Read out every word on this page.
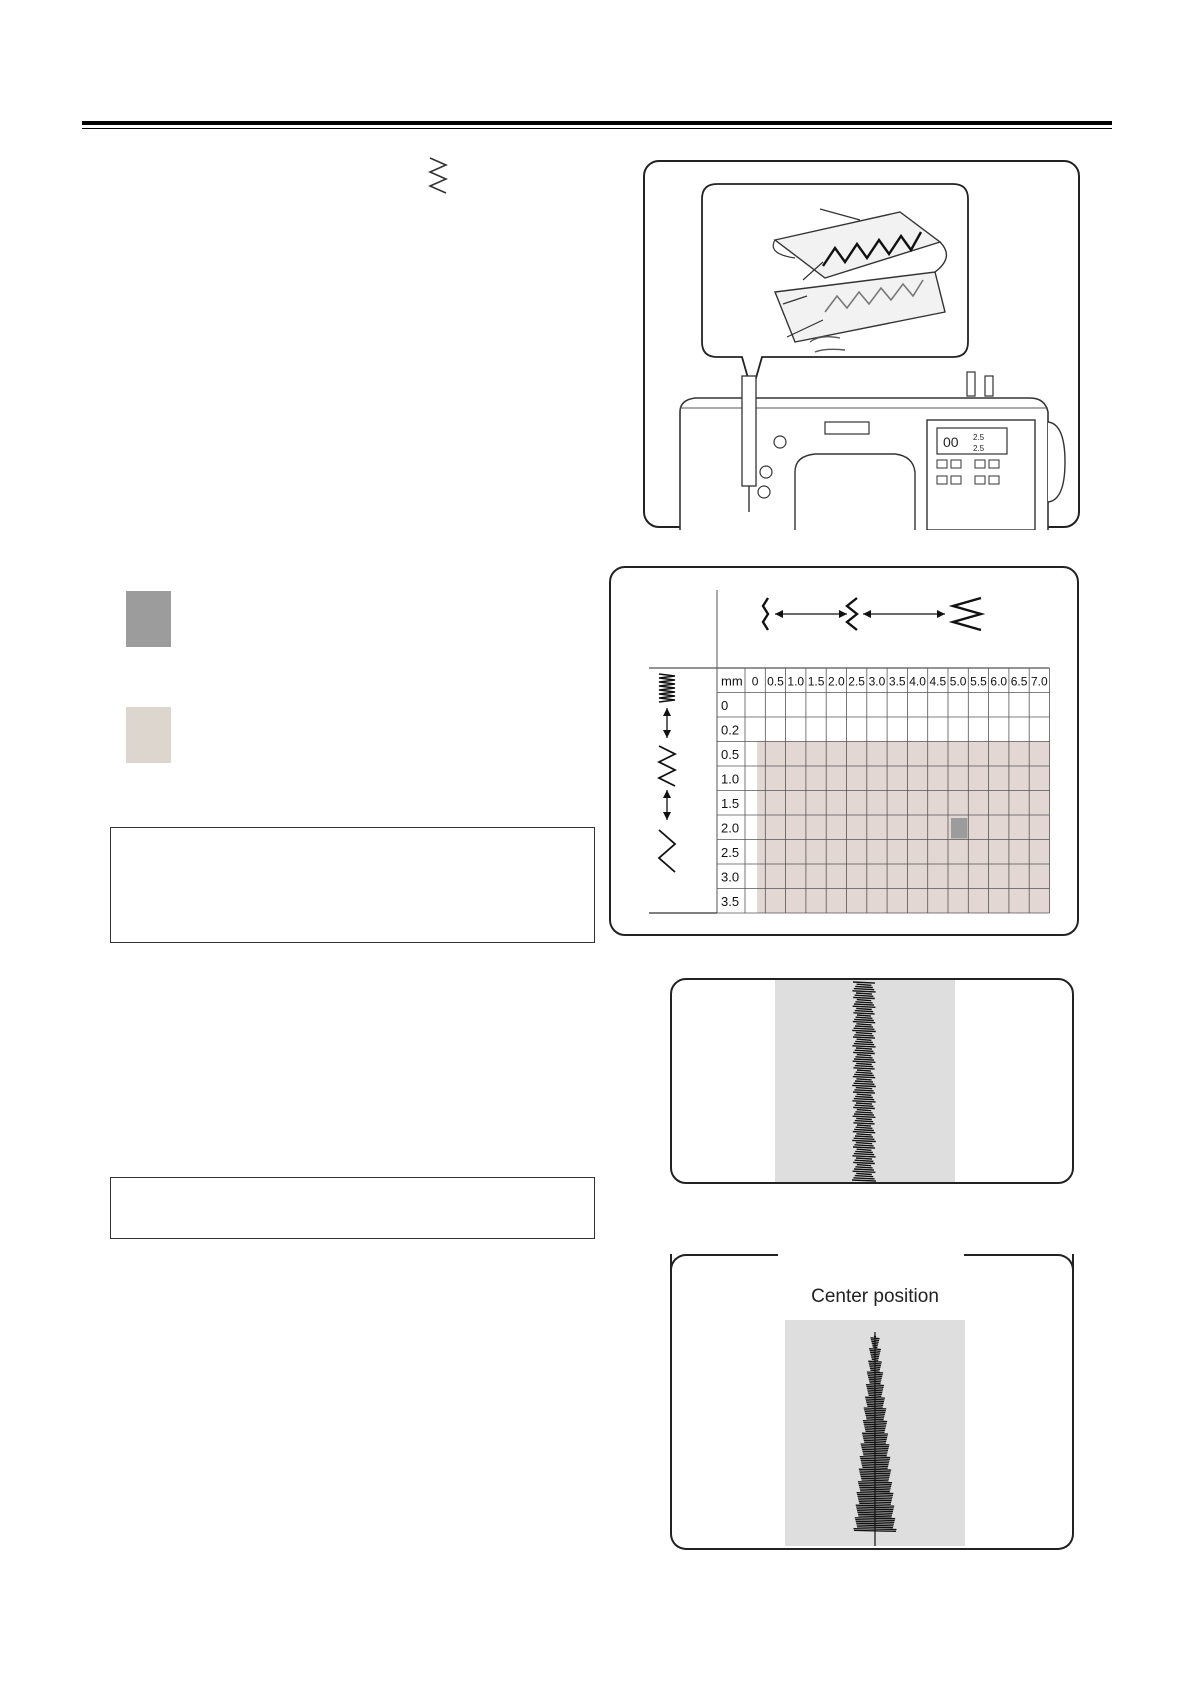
00 2.5
2.5
mm 0 0.5 1.0 1.5 2.0 2.5 3.0 3.5 4.0 4.5 5.0 5.5 6.0 6.5 7.0
0
0.2
0.5
1.0
1.5
2.0
2.5
3.0
3.5
Center position
